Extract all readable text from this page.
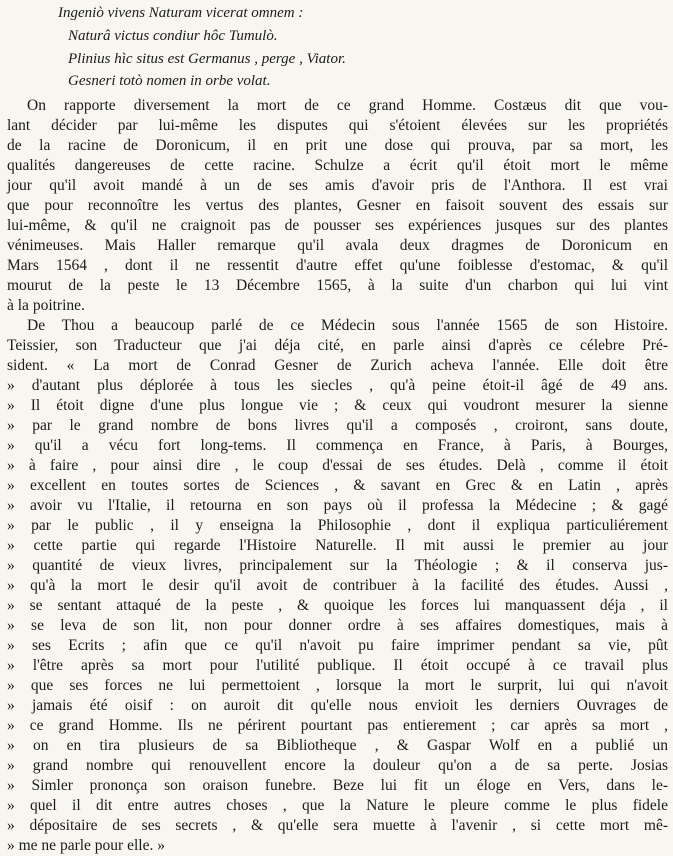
Ingeniò vivens Naturam vicerat omnem :
Naturâ victus condiur hôc Tumulò.
Plinius hìc situs est Germanus , perge , Viator.
Gesneri totò nomen in orbe volat.
On rapporte diversement la mort de ce grand Homme. Costæus dit que vou-
lant décider par lui-même les disputes qui s'étoient élevées sur les propriétés
de la racine de Doronicum, il en prit une dose qui prouva, par sa mort, les
qualités dangereuses de cette racine. Schulze a écrit qu'il étoit mort le même
jour qu'il avoit mandé à un de ses amis d'avoir pris de l'Anthora. Il est vrai
que pour reconnoître les vertus des plantes, Gesner en faisoit souvent des essais sur
lui-même, & qu'il ne craignoit pas de pousser ses expériences jusques sur des plantes
vénimeuses. Mais Haller remarque qu'il avala deux dragmes de Doronicum en
Mars 1564 , dont il ne ressentit d'autre effet qu'une foiblesse d'estomac, & qu'il
mourut de la peste le 13 Décembre 1565, à la suite d'un charbon qui lui vint
à la poitrine.
De Thou a beaucoup parlé de ce Médecin sous l'année 1565 de son Histoire.
Teissier, son Traducteur que j'ai déja cité, en parle ainsi d'après ce célebre Pré-
sident. « La mort de Conrad Gesner de Zurich acheva l'année. Elle doit être
» d'autant plus déplorée à tous les siecles , qu'à peine étoit-il âgé de 49 ans.
» Il étoit digne d'une plus longue vie ; & ceux qui voudront mesurer la sienne
» par le grand nombre de bons livres qu'il a composés , croiront, sans doute,
» qu'il a vécu fort long-tems. Il commença en France, à Paris, à Bourges,
» à faire , pour ainsi dire , le coup d'essai de ses études. Delà , comme il étoit
» excellent en toutes sortes de Sciences , & savant en Grec & en Latin , après
» avoir vu l'Italie, il retourna en son pays où il professa la Médecine ; & gagé
» par le public , il y enseigna la Philosophie , dont il expliqua particuliérement
» cette partie qui regarde l'Histoire Naturelle. Il mit aussi le premier au jour
» quantité de vieux livres, principalement sur la Théologie ; & il conserva jus-
» qu'à la mort le desir qu'il avoit de contribuer à la facilité des études. Aussi ,
» se sentant attaqué de la peste , & quoique les forces lui manquassent déja , il
» se leva de son lit, non pour donner ordre à ses affaires domestiques, mais à
» ses Ecrits ; afin que ce qu'il n'avoit pu faire imprimer pendant sa vie, pût
» l'être après sa mort pour l'utilité publique. Il étoit occupé à ce travail plus
» que ses forces ne lui permettoient , lorsque la mort le surprit, lui qui n'avoit
» jamais été oisif : on auroit dit qu'elle nous envioit les derniers Ouvrages de
» ce grand Homme. Ils ne périrent pourtant pas entierement ; car après sa mort ,
» on en tira plusieurs de sa Bibliotheque , & Gaspar Wolf en a publié un
» grand nombre qui renouvellent encore la douleur qu'on a de sa perte. Josias
» Simler prononça son oraison funebre. Beze lui fit un éloge en Vers, dans le-
» quel il dit entre autres choses , que la Nature le pleure comme le plus fidele
» dépositaire de ses secrets , & qu'elle sera muette à l'avenir , si cette mort mê-
» me ne parle pour elle. »
